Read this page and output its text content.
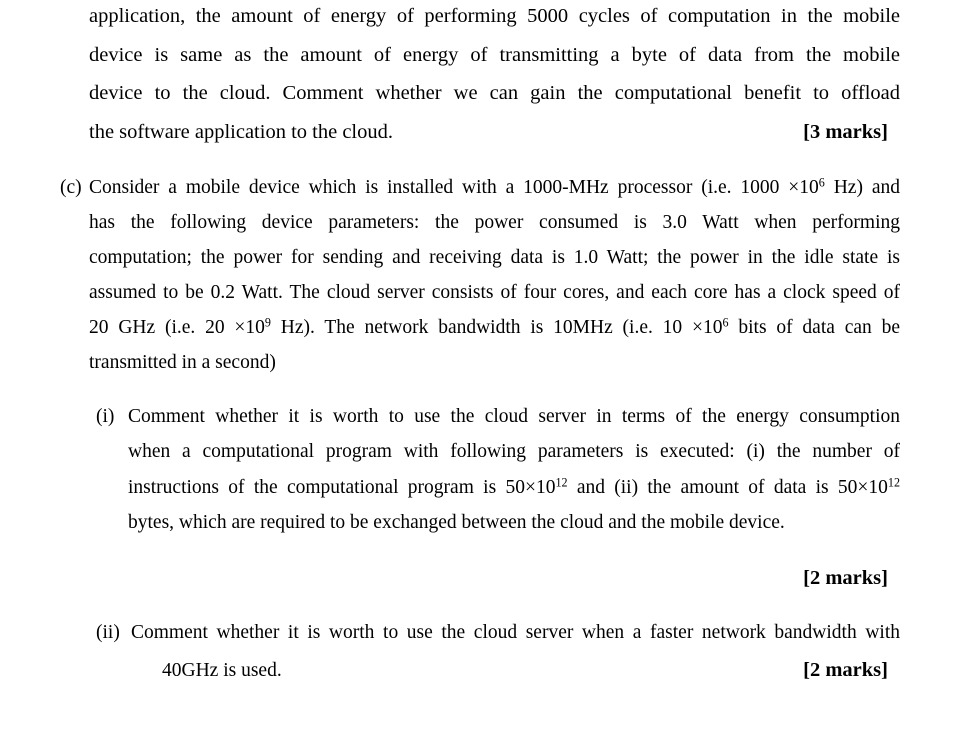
application, the amount of energy of performing 5000 cycles of computation in the mobile
device is same as the amount of energy of transmitting a byte of data from the mobile
device to the cloud. Comment whether we can gain the computational benefit to offload
the software application to the cloud.	[3 marks]
(c) Consider a mobile device which is installed with a 1000-MHz processor (i.e. $1000 \times 10^6$ Hz) and
has the following device parameters: the power consumed is 3.0 Watt when performing
computation; the power for sending and receiving data is 1.0 Watt; the power in the idle state is
assumed to be 0.2 Watt. The cloud server consists of four cores, and each core has a clock speed of
20 GHz (i.e. $20 \times 10^9$ Hz). The network bandwidth is 10MHz (i.e. $10 \times 10^6$ bits of data can be
transmitted in a second)
(i) Comment whether it is worth to use the cloud server in terms of the energy consumption
when a computational program with following parameters is executed: (i) the number of
instructions of the computational program is $50\times 10^{12}$ and (ii) the amount of data is $50\times 10^{12}$
bytes, which are required to be exchanged between the cloud and the mobile device.
[2 marks]
(ii) Comment whether it is worth to use the cloud server when a faster network bandwidth with
40GHz is used.	[2 marks]
